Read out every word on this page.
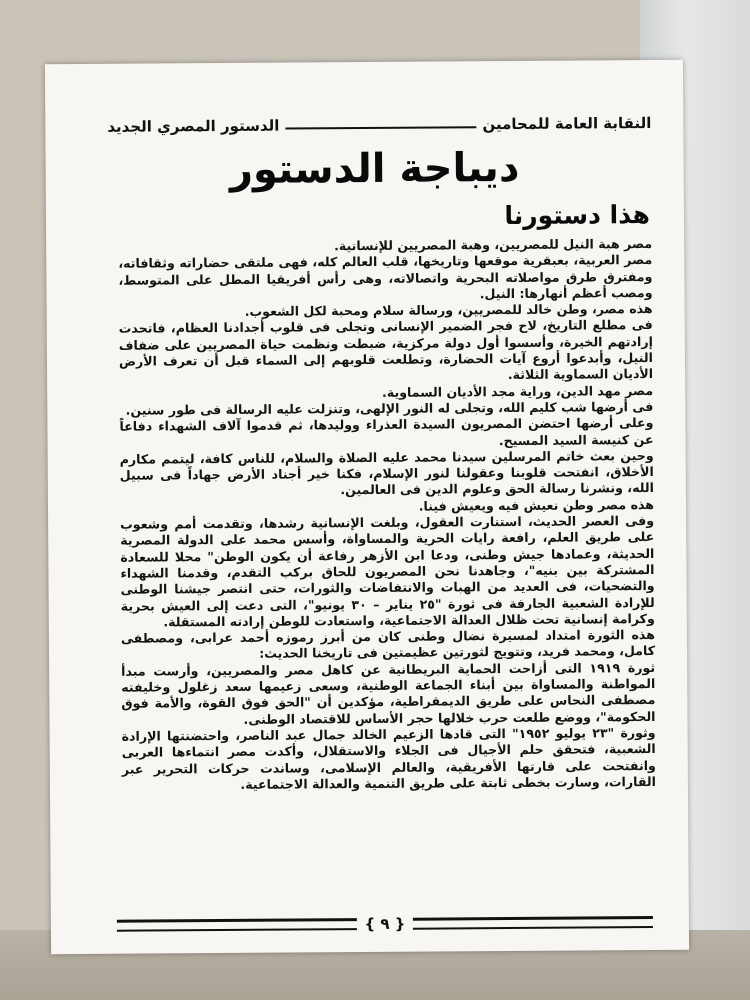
النقابة العامة للمحامين
الدستور المصري الجديد
ديباجة الدستور
هذا دستورنا

مصر هبة النيل للمصريين، وهبة المصريين للإنسانية.

مصر العربية، بعبقرية موقعها وتاريخها، قلب العالم كله، فهى ملتقى حضاراته وثقافاته، ومفترق طرق مواصلاته البحرية واتصالاته، وهى رأس أفريقيا المطل على المتوسط، ومصب أعظم أنهارها: النيل.

هذه مصر، وطن خالد للمصريين، ورسالة سلام ومحبة لكل الشعوب.

فى مطلع التاريخ، لاح فجر الضمير الإنسانى وتجلى فى قلوب أجدادنا العظام، فاتحدت إرادتهم الخيرة، وأسسوا أول دولة مركزية، ضبطت ونظمت حياة المصريين على ضفاف النيل، وأبدعوا أروع آيات الحضارة، وتطلعت قلوبهم إلى السماء قبل أن تعرف الأرض الأديان السماوية الثلاثة.

مصر مهد الدين، وراية مجد الأديان السماوية.

فى أرضها شب كليم الله، وتجلى له النور الإلهى، وتنزلت عليه الرسالة فى طور سنين.

وعلى أرضها احتضن المصريون السيدة العذراء ووليدها، ثم قدموا آلاف الشهداء دفاعاً عن كنيسة السيد المسيح.

وحين بعث خاتم المرسلين سيدنا محمد عليه الصلاة والسلام، للناس كافة، ليتمم مكارم الأخلاق، انفتحت قلوبنا وعقولنا لنور الإسلام، فكنا خير أجناد الأرض جهاداً فى سبيل الله، ونشرنا رسالة الحق وعلوم الدين فى العالمين.

هذه مصر وطن نعيش فيه ويعيش فينا.

وفى العصر الحديث، استنارت العقول، وبلغت الإنسانية رشدها، وتقدمت أمم وشعوب على طريق العلم، رافعة رايات الحرية والمساواة، وأسس محمد على الدولة المصرية الحديثة، وعمادها جيش وطنى، ودعا ابن الأزهر رفاعة أن يكون الوطن" محلا للسعادة المشتركة بين بنيه"، وجاهدنا نحن المصريون للحاق بركب التقدم، وقدمنا الشهداء والتضحيات، فى العديد من الهبات والانتفاضات والثورات، حتى انتصر جيشنا الوطنى للإرادة الشعبية الجارفة فى ثورة "٢٥ يناير – ٣٠ يونيو"، التى دعت إلى العيش بحرية وكرامة إنسانية تحت ظلال العدالة الاجتماعية، واستعادت للوطن إرادته المستقلة.

هذه الثورة امتداد لمسيرة نضال وطنى كان من أبرز رموزه أحمد عرابى، ومصطفى كامل، ومحمد فريد، وتتويج لثورتين عظيمتين فى تاريخنا الحديث:

ثورة ١٩١٩ التى أزاحت الحماية البريطانية عن كاهل مصر والمصريين، وأرست مبدأ المواطنة والمساواة بين أبناء الجماعة الوطنية، وسعى زعيمها سعد زغلول وخليفته مصطفى النحاس على طريق الديمقراطية، مؤكدين أن "الحق فوق القوة، والأمة فوق الحكومة"، ووضع طلعت حرب خلالها حجر الأساس للاقتصاد الوطنى.

وثورة "٢٣ يوليو ١٩٥٢" التى قادها الزعيم الخالد جمال عبد الناصر، واحتضنتها الإرادة الشعبية، فتحقق حلم الأجيال فى الجلاء والاستقلال، وأكدت مصر انتماءها العربى وانفتحت على قارتها الأفريقية، والعالم الإسلامى، وساندت حركات التحرير عبر القارات، وسارت بخطى ثابتة على طريق التنمية والعدالة الاجتماعية.

{ ٩ }
